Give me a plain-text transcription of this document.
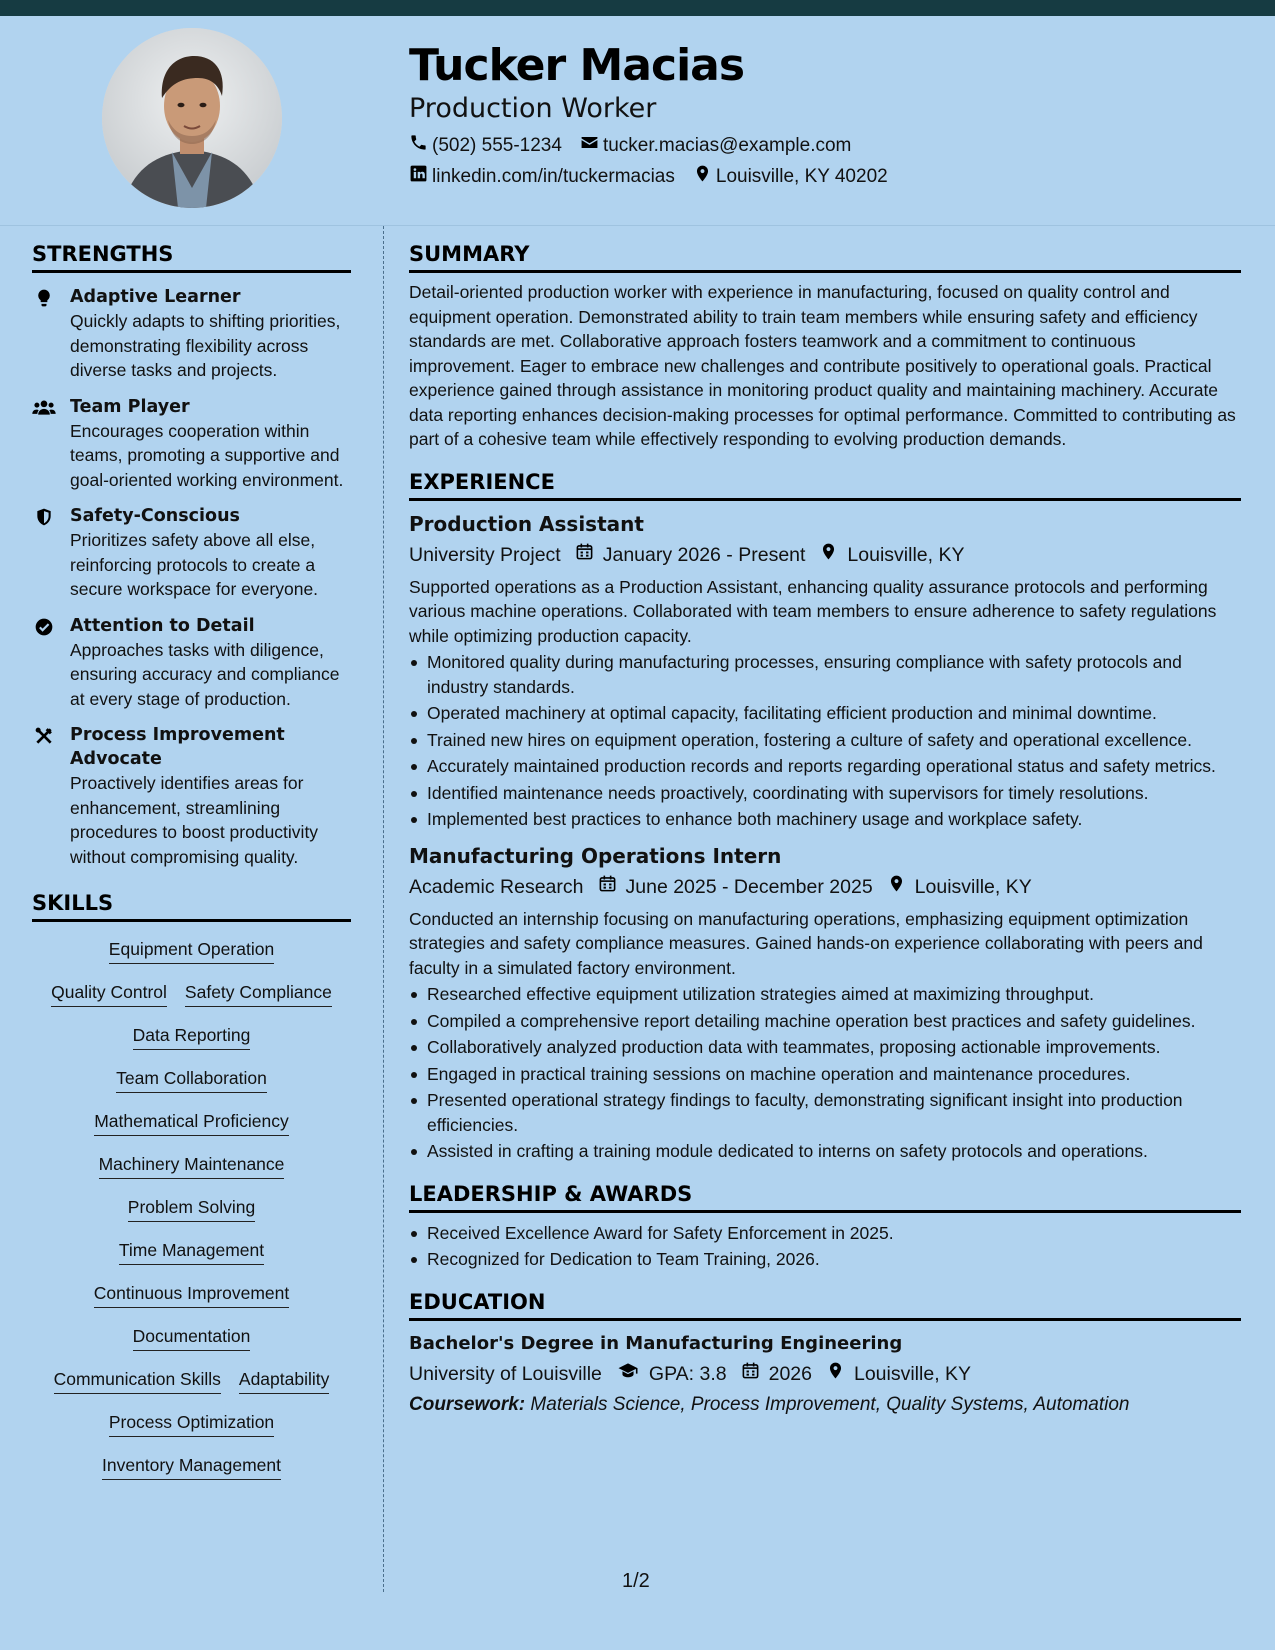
Tucker Macias
Production Worker
(502) 555-1234 tucker.macias@example.com
linkedin.com/in/tuckermacias Louisville, KY 40202
STRENGTHS
Adaptive Learner
Quickly adapts to shifting priorities, demonstrating flexibility across diverse tasks and projects.
Team Player
Encourages cooperation within teams, promoting a supportive and goal-oriented working environment.
Safety-Conscious
Prioritizes safety above all else, reinforcing protocols to create a secure workspace for everyone.
Attention to Detail
Approaches tasks with diligence, ensuring accuracy and compliance at every stage of production.
Process Improvement Advocate
Proactively identifies areas for enhancement, streamlining procedures to boost productivity without compromising quality.
SKILLS
Equipment Operation
Quality Control Safety Compliance
Data Reporting
Team Collaboration
Mathematical Proficiency
Machinery Maintenance
Problem Solving
Time Management
Continuous Improvement
Documentation
Communication Skills Adaptability
Process Optimization
Inventory Management
SUMMARY
Detail-oriented production worker with experience in manufacturing, focused on quality control and equipment operation. Demonstrated ability to train team members while ensuring safety and efficiency standards are met. Collaborative approach fosters teamwork and a commitment to continuous improvement. Eager to embrace new challenges and contribute positively to operational goals. Practical experience gained through assistance in monitoring product quality and maintaining machinery. Accurate data reporting enhances decision-making processes for optimal performance. Committed to contributing as part of a cohesive team while effectively responding to evolving production demands.
EXPERIENCE
Production Assistant
University Project January 2026 - Present Louisville, KY
Supported operations as a Production Assistant, enhancing quality assurance protocols and performing various machine operations. Collaborated with team members to ensure adherence to safety regulations while optimizing production capacity.
Monitored quality during manufacturing processes, ensuring compliance with safety protocols and industry standards.
Operated machinery at optimal capacity, facilitating efficient production and minimal downtime.
Trained new hires on equipment operation, fostering a culture of safety and operational excellence.
Accurately maintained production records and reports regarding operational status and safety metrics.
Identified maintenance needs proactively, coordinating with supervisors for timely resolutions.
Implemented best practices to enhance both machinery usage and workplace safety.
Manufacturing Operations Intern
Academic Research June 2025 - December 2025 Louisville, KY
Conducted an internship focusing on manufacturing operations, emphasizing equipment optimization strategies and safety compliance measures. Gained hands-on experience collaborating with peers and faculty in a simulated factory environment.
Researched effective equipment utilization strategies aimed at maximizing throughput.
Compiled a comprehensive report detailing machine operation best practices and safety guidelines.
Collaboratively analyzed production data with teammates, proposing actionable improvements.
Engaged in practical training sessions on machine operation and maintenance procedures.
Presented operational strategy findings to faculty, demonstrating significant insight into production efficiencies.
Assisted in crafting a training module dedicated to interns on safety protocols and operations.
LEADERSHIP & AWARDS
Received Excellence Award for Safety Enforcement in 2025.
Recognized for Dedication to Team Training, 2026.
EDUCATION
Bachelor's Degree in Manufacturing Engineering
University of Louisville GPA: 3.8 2026 Louisville, KY
Coursework: Materials Science, Process Improvement, Quality Systems, Automation
1/2
